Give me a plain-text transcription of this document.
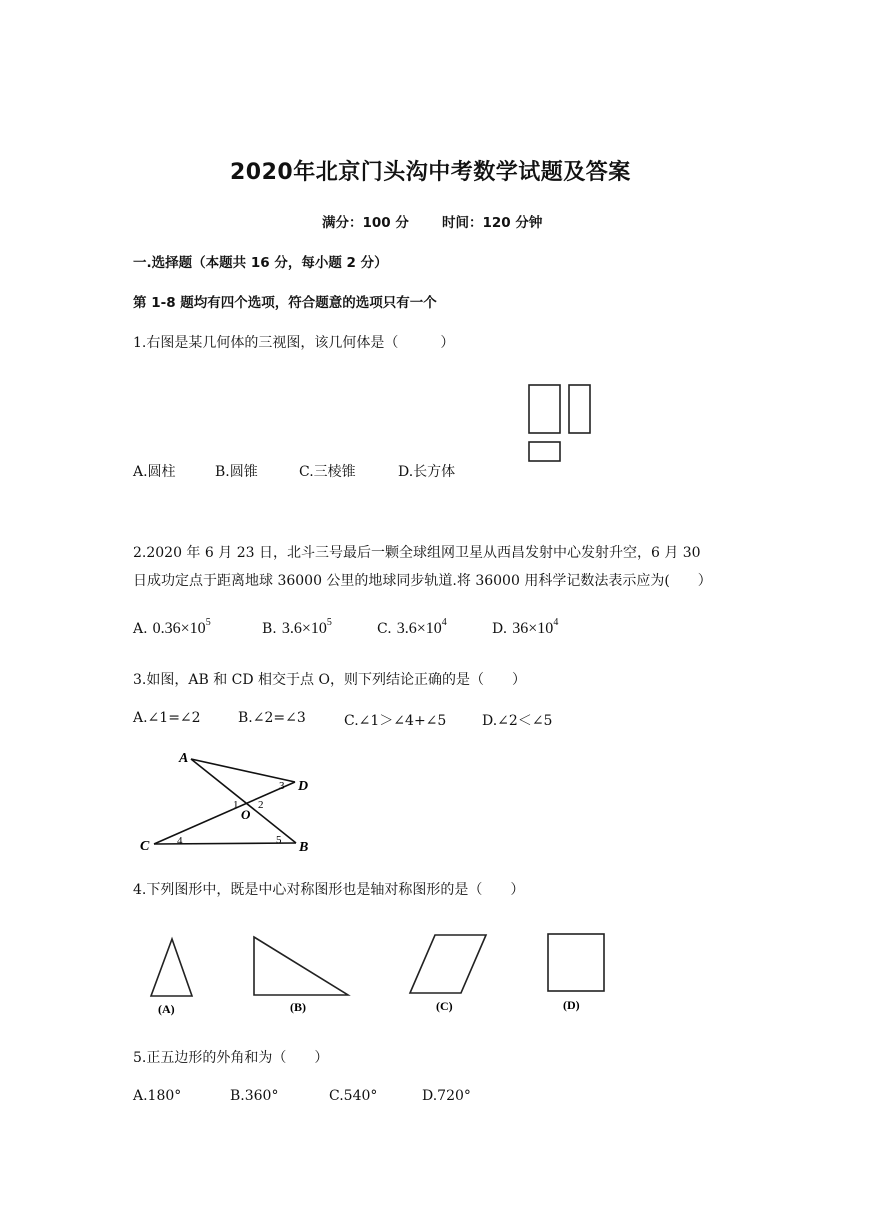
2020年北京门头沟中考数学试题及答案
满分：100 分 时间：120 分钟
一.选择题（本题共 16 分，每小题 2 分）
第 1-8 题均有四个选项，符合题意的选项只有一个
1.右图是某几何体的三视图，该几何体是（　　　）
A.圆柱	B.圆锥	C.三棱锥	D.长方体
2.2020 年 6 月 23 日，北斗三号最后一颗全球组网卫星从西昌发射中心发射升空，6 月 30
日成功定点于距离地球 36000 公里的地球同步轨道.将 36000 用科学记数法表示应为(　　）
A. $0.36\times 10^5$	B. $3.6\times 10^5$	C. $3.6\times 10^4$	D. $36\times 10^4$
3.如图，AB 和 CD 相交于点 O，则下列结论正确的是（　　）
A.∠1=∠2	B.∠2=∠3	C.∠1＞∠4+∠5	D.∠2＜∠5
A
D
O
C	B
1 2
3
4	5
4.下列图形中，既是中心对称图形也是轴对称图形的是（　　）
(A)	(B)	(C)	(D)
5.正五边形的外角和为（　　）
A.180°	B.360°	C.540°	D.720°
